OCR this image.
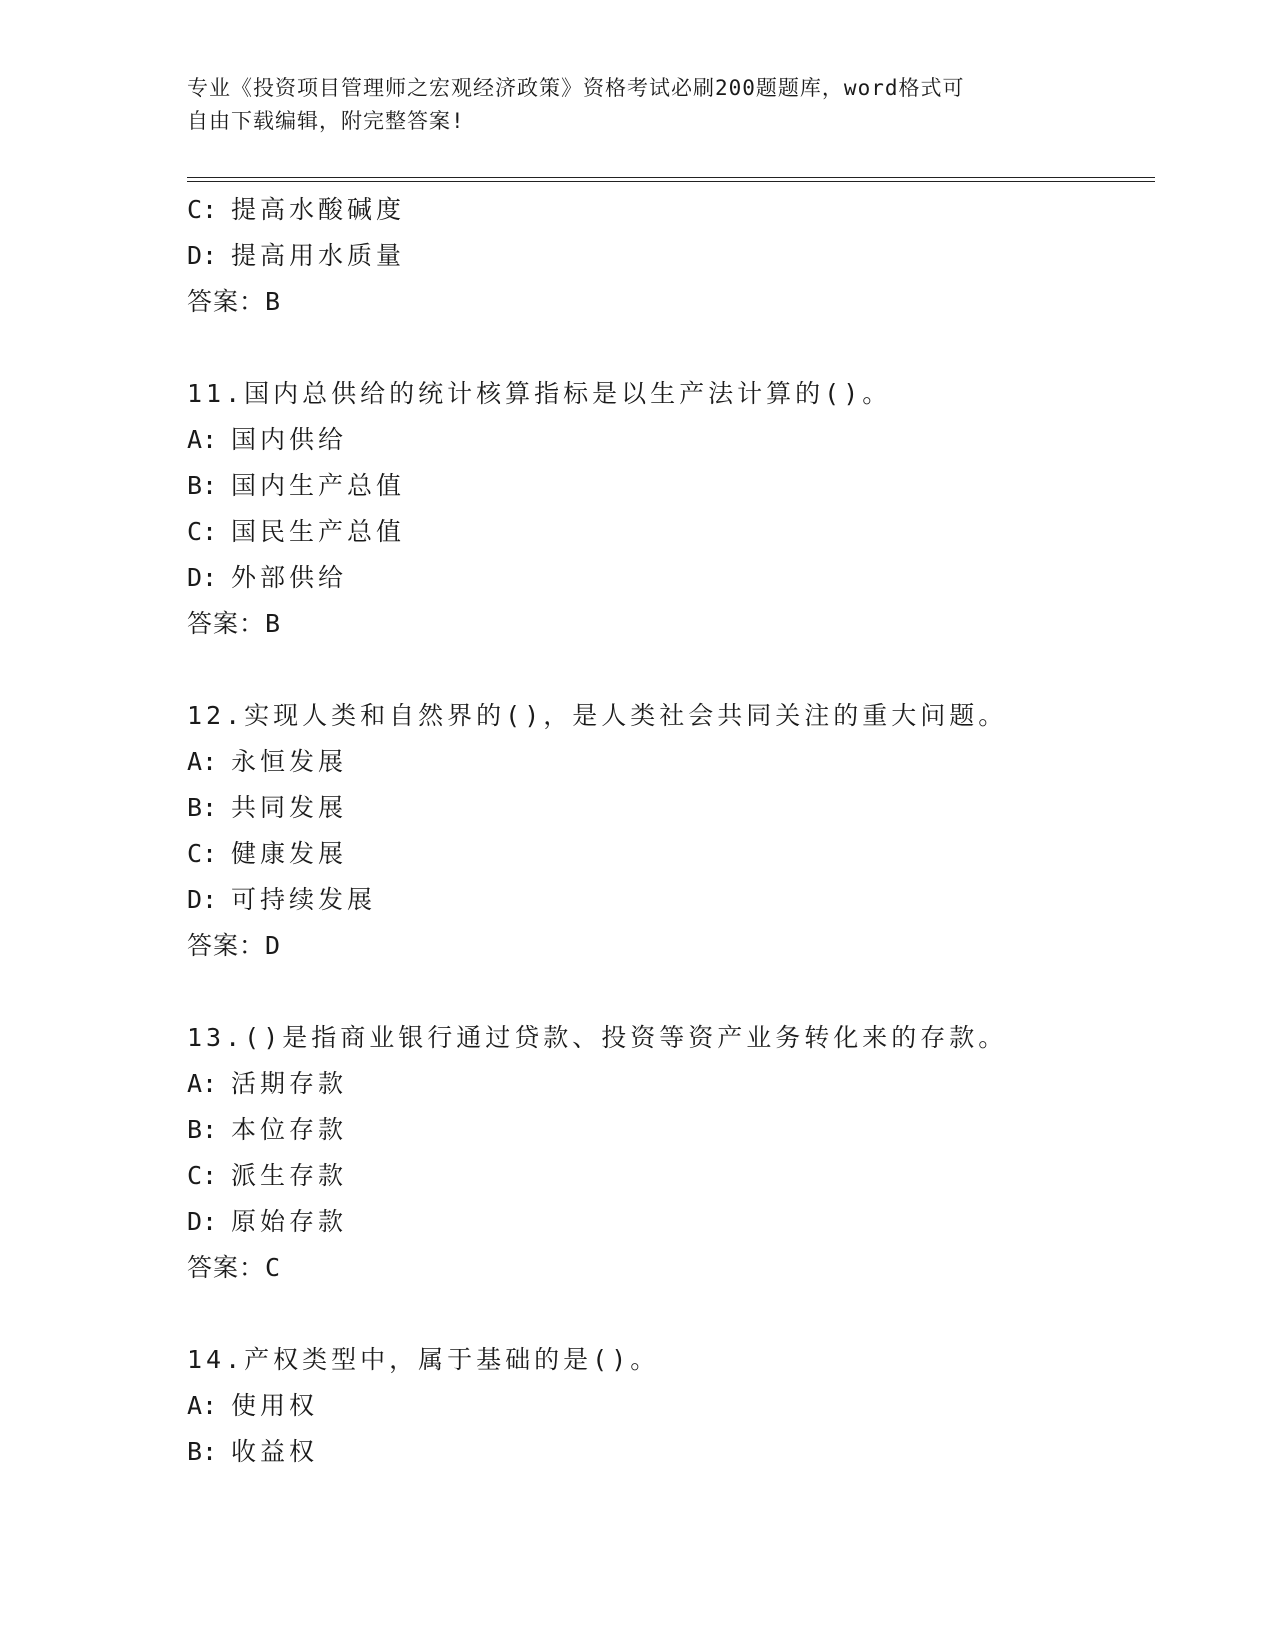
专业《投资项目管理师之宏观经济政策》资格考试必刷200题题库，word格式可
自由下载编辑，附完整答案!
C: 提高水酸碱度
D: 提高用水质量
答案：B
11.国内总供给的统计核算指标是以生产法计算的()。
A: 国内供给
B: 国内生产总值
C: 国民生产总值
D: 外部供给
答案：B
12.实现人类和自然界的()，是人类社会共同关注的重大问题。
A: 永恒发展
B: 共同发展
C: 健康发展
D: 可持续发展
答案：D
13.()是指商业银行通过贷款、投资等资产业务转化来的存款。
A: 活期存款
B: 本位存款
C: 派生存款
D: 原始存款
答案：C
14.产权类型中，属于基础的是()。
A: 使用权
B: 收益权
